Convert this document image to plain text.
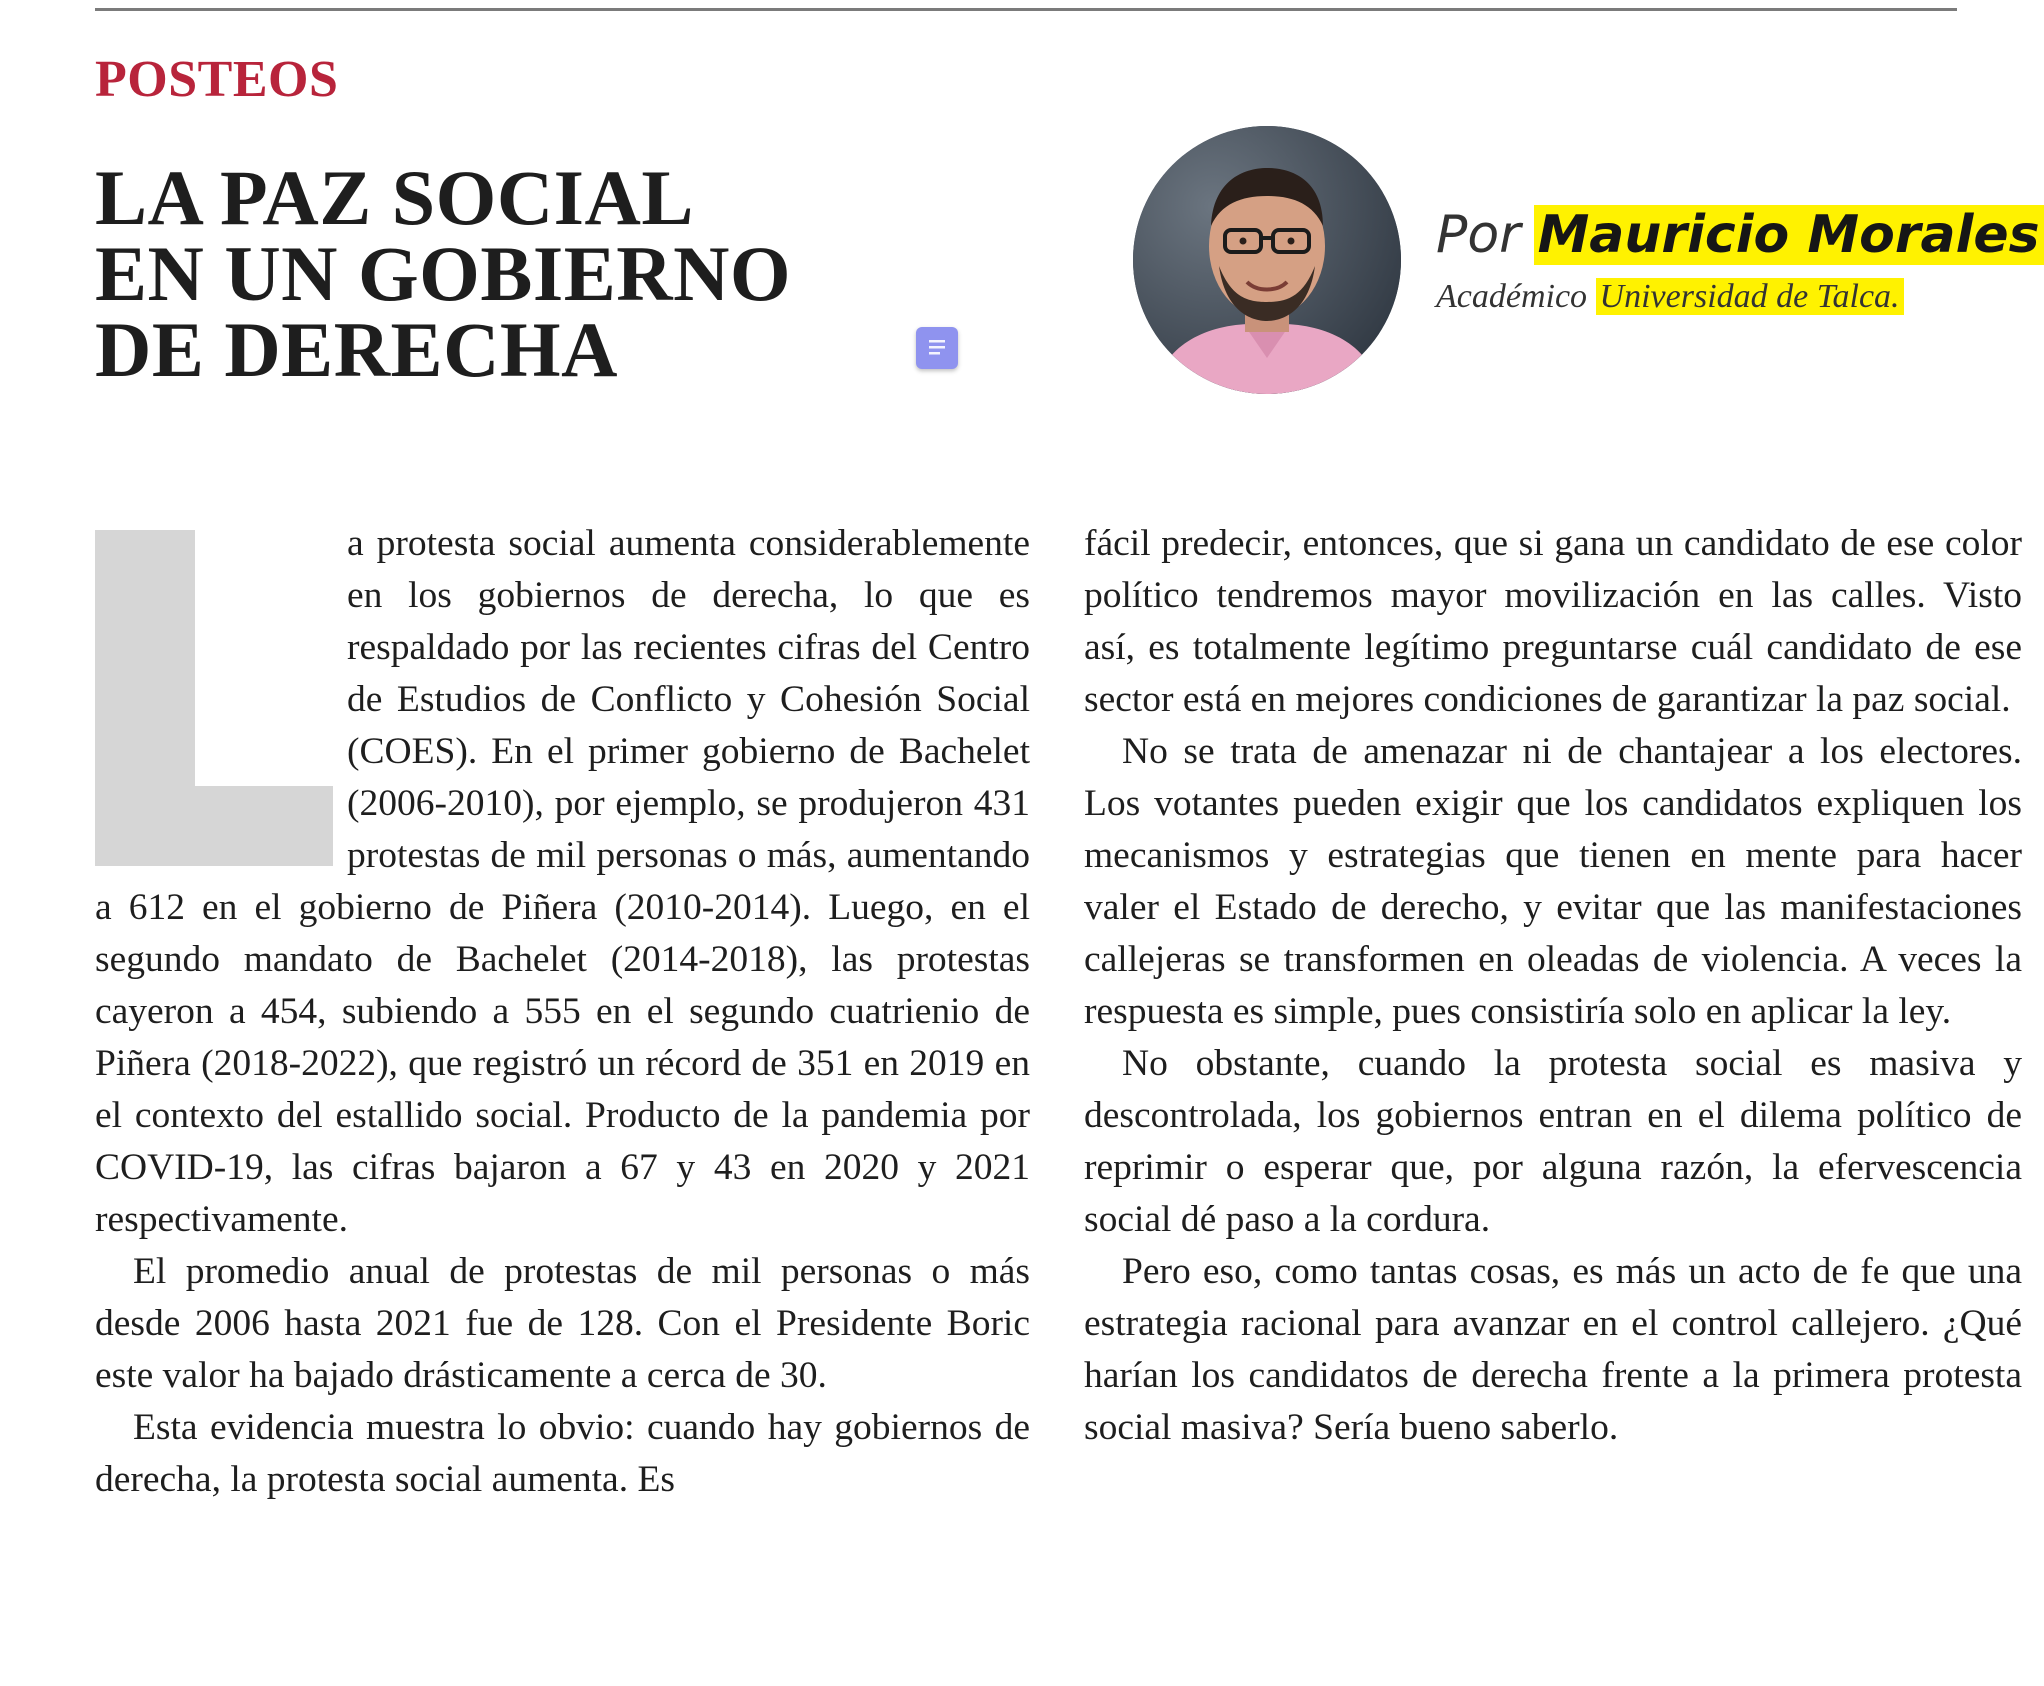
POSTEOS
LA PAZ SOCIAL
EN UN GOBIERNO
DE DERECHA
Por Mauricio Morales
Académico Universidad de Talca.

a protesta social aumenta considerablemente en los gobiernos de derecha, lo que es respaldado por las recientes cifras del Centro de Estudios de Conflicto y Cohesión Social (COES). En el primer gobierno de Bachelet (2006-2010), por ejemplo, se produjeron 431 protestas de mil personas o más, aumentando a 612 en el gobierno de Piñera (2010-2014). Luego, en el segundo mandato de Bachelet (2014-2018), las protestas cayeron a 454, subiendo a 555 en el segundo cuatrienio de Piñera (2018-2022), que registró un récord de 351 en 2019 en el contexto del estallido social. Producto de la pandemia por COVID-19, las cifras bajaron a 67 y 43 en 2020 y 2021 respectivamente.

El promedio anual de protestas de mil personas o más desde 2006 hasta 2021 fue de 128. Con el Presidente Boric este valor ha bajado drásticamente a cerca de 30.

Esta evidencia muestra lo obvio: cuando hay gobiernos de derecha, la protesta social aumenta. Es

fácil predecir, entonces, que si gana un candidato de ese color político tendremos mayor movilización en las calles. Visto así, es totalmente legítimo preguntarse cuál candidato de ese sector está en mejores condiciones de garantizar la paz social.

No se trata de amenazar ni de chantajear a los electores. Los votantes pueden exigir que los candidatos expliquen los mecanismos y estrategias que tienen en mente para hacer valer el Estado de derecho, y evitar que las manifestaciones callejeras se transformen en oleadas de violencia. A veces la respuesta es simple, pues consistiría solo en aplicar la ley.

No obstante, cuando la protesta social es masiva y descontrolada, los gobiernos entran en el dilema político de reprimir o esperar que, por alguna razón, la efervescencia social dé paso a la cordura.

Pero eso, como tantas cosas, es más un acto de fe que una estrategia racional para avanzar en el control callejero. ¿Qué harían los candidatos de derecha frente a la primera protesta social masiva? Sería bueno saberlo.
